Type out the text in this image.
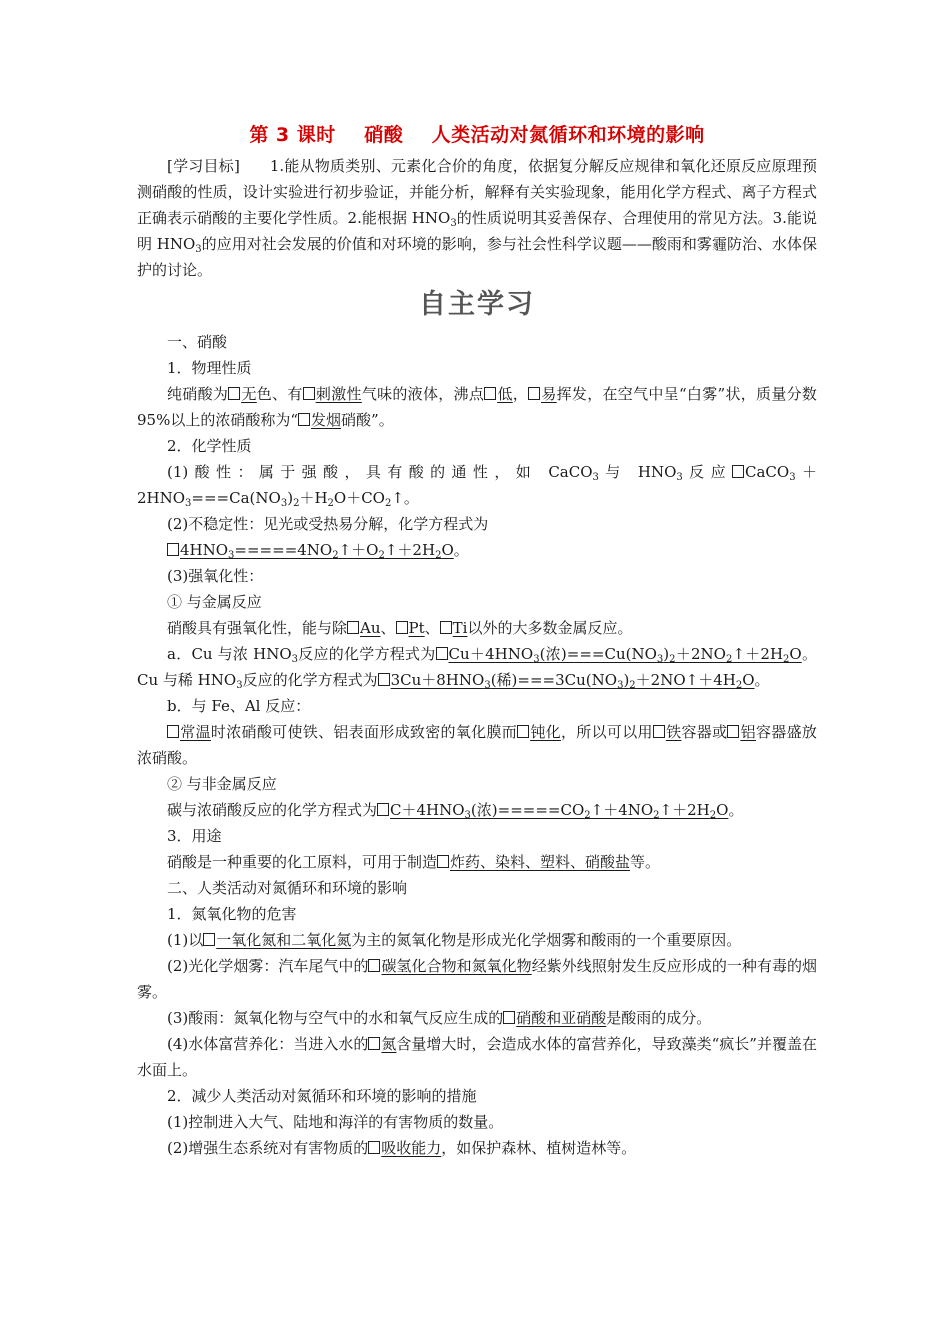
第 3 课时    硝酸    人类活动对氮循环和环境的影响

[学习目标] 1.能从物质类别、元素化合价的角度，依据复分解反应规律和氧化还原反应原理预测硝酸的性质，设计实验进行初步验证，并能分析，解释有关实验现象，能用化学方程式、离子方程式正确表示硝酸的主要化学性质。2.能根据 $HNO_3$的性质说明其妥善保存、合理使用的常见方法。3.能说明 $HNO_3$的应用对社会发展的价值和对环境的影响，参与社会性科学议题——酸雨和雾霾防治、水体保护的讨论。

自主学习

一、硝酸

1．物理性质

纯硝酸为 无色、有 刺激性气味的液体，沸点 低， 易挥发，在空气中呈“白雾”状，质量分数 95%以上的浓硝酸称为“ 发烟硝酸”。

2．化学性质

(1)酸性：属于强酸，具有酸的通性，如 CaCO$_3$与 $HNO_3$反应 $CaCO_3+2HNO_3===Ca(NO_3)_2+H_2O+CO_2↑$。

(2)不稳定性：见光或受热易分解，化学方程式为

$4HNO_3=====4NO_2↑+O_2↑+2H_2O$。

(3)强氧化性：

① 与金属反应

硝酸具有强氧化性，能与除 Au、 Pt、 Ti以外的大多数金属反应。

a．Cu 与浓 $HNO_3$反应的化学方程式为 $Cu+4HNO_3$(浓)$===Cu(NO_3)_2+2NO_2↑+2H_2O$。Cu 与稀 $HNO_3$反应的化学方程式为 $3Cu+8HNO_3$(稀)$===3Cu(NO_3)_2+2NO↑+4H_2O$。

b．与 Fe、Al 反应：

常温时浓硝酸可使铁、铝表面形成致密的氧化膜而 钝化，所以可以用 铁容器或 铝容器盛放浓硝酸。

② 与非金属反应

碳与浓硝酸反应的化学方程式为 $C+4HNO_3$(浓)$=====CO_2↑+4NO_2↑+2H_2O$。

3．用途

硝酸是一种重要的化工原料，可用于制造 炸药、染料、塑料、硝酸盐等。

二、人类活动对氮循环和环境的影响

1．氮氧化物的危害

(1)以 一氧化氮和二氧化氮为主的氮氧化物是形成光化学烟雾和酸雨的一个重要原因。

(2)光化学烟雾：汽车尾气中的 碳氢化合物和氮氧化物经紫外线照射发生反应形成的一种有毒的烟雾。

(3)酸雨：氮氧化物与空气中的水和氧气反应生成的 硝酸和亚硝酸是酸雨的成分。

(4)水体富营养化：当进入水的 氮含量增大时，会造成水体的富营养化，导致藻类“疯长”并覆盖在水面上。

2．减少人类活动对氮循环和环境的影响的措施

(1)控制进入大气、陆地和海洋的有害物质的数量。

(2)增强生态系统对有害物质的 吸收能力，如保护森林、植树造林等。
